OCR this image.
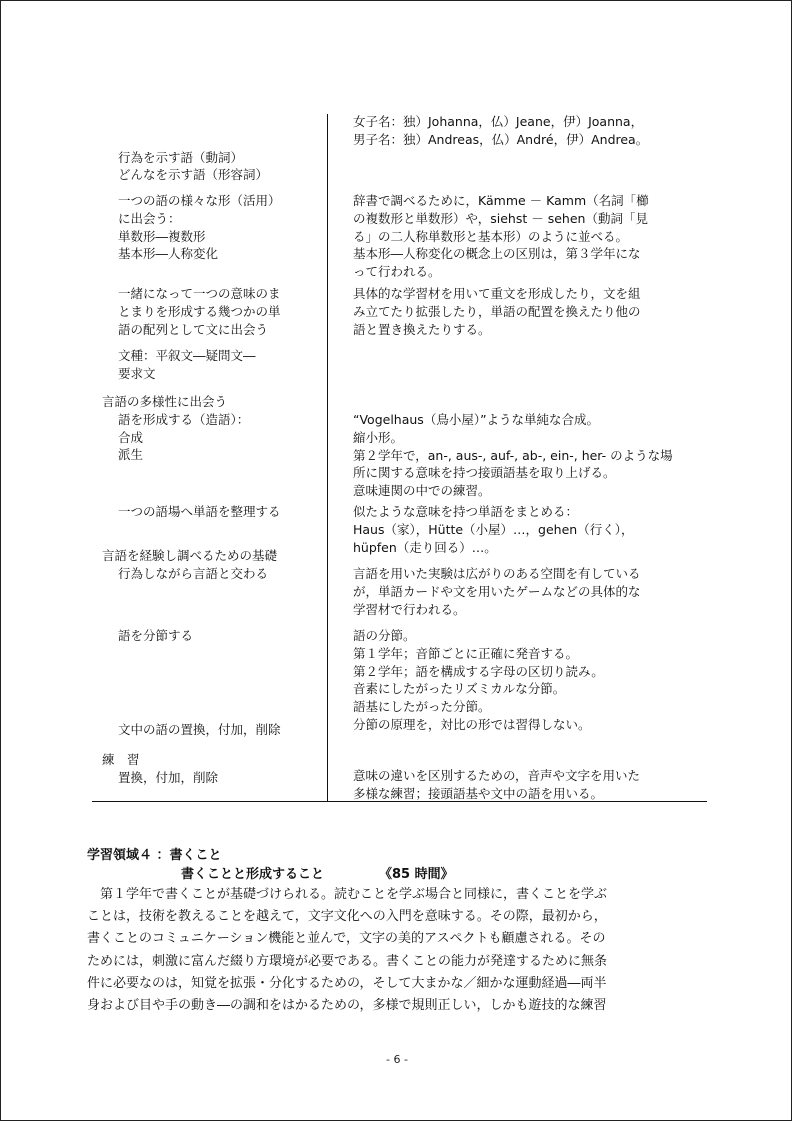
行為を示す語（動詞）
どんなを示す語（形容詞）
一つの語の様々な形（活用）
に出会う：
単数形―複数形
基本形―人称変化
一緒になって一つの意味のま
とまりを形成する幾つかの単
語の配列として文に出会う
文種：平叙文―疑問文―
要求文
言語の多様性に出会う
語を形成する（造語）：
合成
派生
一つの語場へ単語を整理する
言語を経験し調べるための基礎
行為しながら言語と交わる
語を分節する
文中の語の置換，付加，削除
練　習
置換，付加，削除
女子名：独）Johanna，仏）Jeane，伊）Joanna，
男子名：独）Andreas，仏）André，伊）Andrea。
辞書で調べるために，Kämme － Kamm（名詞「櫛
の複数形と単数形）や，siehst － sehen（動詞「見
る」の二人称単数形と基本形）のように並べる。
基本形―人称変化の概念上の区別は，第３学年にな
って行われる。
具体的な学習材を用いて重文を形成したり，文を組
み立てたり拡張したり，単語の配置を換えたり他の
語と置き換えたりする。
“Vogelhaus（鳥小屋）”ような単純な合成。
縮小形。
第２学年で，an-, aus-, auf-, ab-, ein-, her- のような場
所に関する意味を持つ接頭語基を取り上げる。
意味連関の中での練習。
似たような意味を持つ単語をまとめる：
Haus（家），Hütte（小屋）…，gehen（行く），
hüpfen（走り回る）…。
言語を用いた実験は広がりのある空間を有している
が，単語カードや文を用いたゲームなどの具体的な
学習材で行われる。
語の分節。
第１学年；音節ごとに正確に発音する。
第２学年；語を構成する字母の区切り読み。
音素にしたがったリズミカルな分節。
語基にしたがった分節。
分節の原理を，対比の形では習得しない。
意味の違いを区別するための，音声や文字を用いた
多様な練習；接頭語基や文中の語を用いる。
学習領域４ ：書くこと
書くことと形成すること	《85 時間》
第１学年で書くことが基礎づけられる。読むことを学ぶ場合と同様に，書くことを学ぶ
ことは，技術を教えることを越えて，文字文化への入門を意味する。その際，最初から，
書くことのコミュニケーション機能と並んで，文字の美的アスペクトも顧慮される。その
ためには，刺激に富んだ綴り方環境が必要である。書くことの能力が発達するために無条
件に必要なのは，知覚を拡張・分化するための，そして大まかな／細かな運動経過―両半
身および目や手の動き―の調和をはかるための，多様で規則正しい，しかも遊技的な練習
- 6 -
